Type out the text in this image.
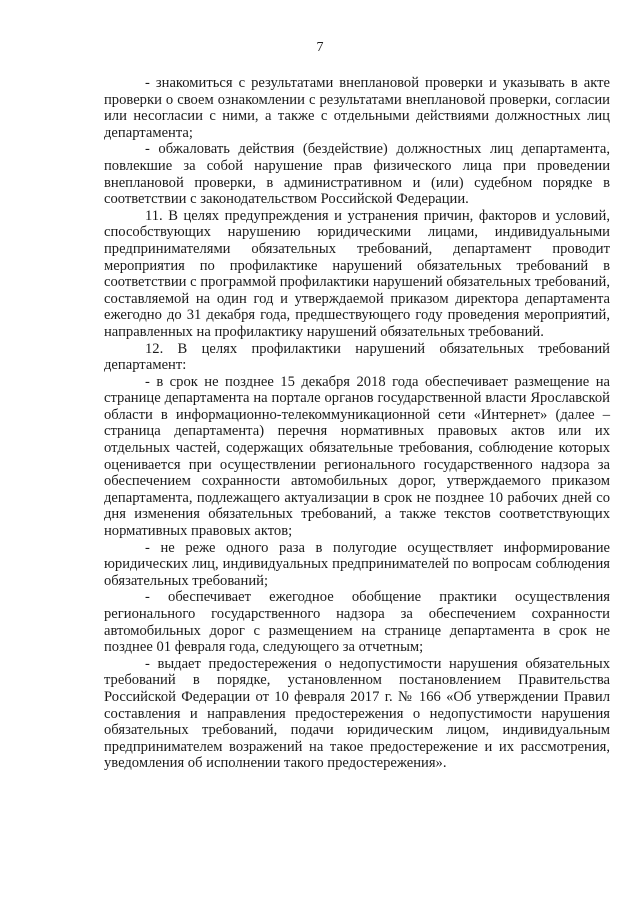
7

- знакомиться с результатами внеплановой проверки и указывать в акте проверки о своем ознакомлении с результатами внеплановой проверки, согласии или несогласии с ними, а также с отдельными действиями должностных лиц департамента;

- обжаловать действия (бездействие) должностных лиц департамента, повлекшие за собой нарушение прав физического лица при проведении внеплановой проверки, в административном и (или) судебном порядке в соответствии с законодательством Российской Федерации.

11. В целях предупреждения и устранения причин, факторов и условий, способствующих нарушению юридическими лицами, индивидуальными предпринимателями обязательных требований, департамент проводит мероприятия по профилактике нарушений обязательных требований в соответствии с программой профилактики нарушений обязательных требований, составляемой на один год и утверждаемой приказом директора департамента ежегодно до 31 декабря года, предшествующего году проведения мероприятий, направленных на профилактику нарушений обязательных требований.

12. В целях профилактики нарушений обязательных требований департамент:

- в срок не позднее 15 декабря 2018 года обеспечивает размещение на странице департамента на портале органов государственной власти Ярославской области в информационно-телекоммуникационной сети «Интернет» (далее – страница департамента) перечня нормативных правовых актов или их отдельных частей, содержащих обязательные требования, соблюдение которых оценивается при осуществлении регионального государственного надзора за обеспечением сохранности автомобильных дорог, утверждаемого приказом департамента, подлежащего актуализации в срок не позднее 10 рабочих дней со дня изменения обязательных требований, а также текстов соответствующих нормативных правовых актов;

- не реже одного раза в полугодие осуществляет информирование юридических лиц, индивидуальных предпринимателей по вопросам соблюдения обязательных требований;

- обеспечивает ежегодное обобщение практики осуществления регионального государственного надзора за обеспечением сохранности автомобильных дорог с размещением на странице департамента в срок не позднее 01 февраля года, следующего за отчетным;

- выдает предостережения о недопустимости нарушения обязательных требований в порядке, установленном постановлением Правительства Российской Федерации от 10 февраля 2017 г. № 166 «Об утверждении Правил составления и направления предостережения о недопустимости нарушения обязательных требований, подачи юридическим лицом, индивидуальным предпринимателем возражений на такое предостережение и их рассмотрения, уведомления об исполнении такого предостережения».
